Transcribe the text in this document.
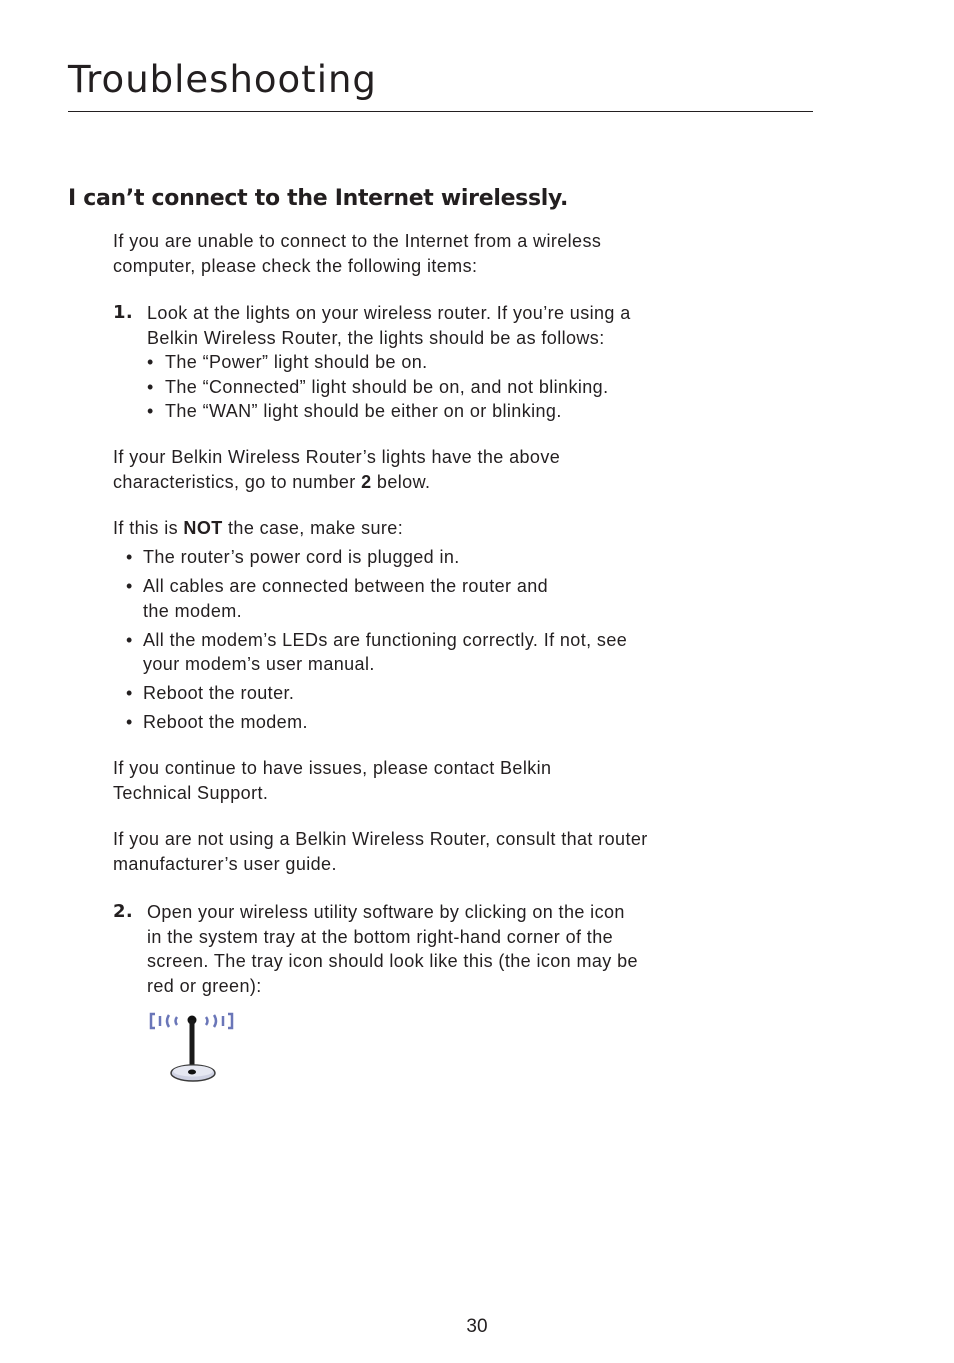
Troubleshooting
I can’t connect to the Internet wirelessly.

If you are unable to connect to the Internet from a wireless
computer, please check the following items:

1. Look at the lights on your wireless router. If you’re using a
Belkin Wireless Router, the lights should be as follows:
• The “Power” light should be on.
• The “Connected” light should be on, and not blinking.
• The “WAN” light should be either on or blinking.

If your Belkin Wireless Router’s lights have the above
characteristics, go to number 2 below.

If this is NOT the case, make sure:

• The router’s power cord is plugged in.
• All cables are connected between the router and
the modem.
• All the modem’s LEDs are functioning correctly. If not, see
your modem’s user manual.
• Reboot the router.
• Reboot the modem.

If you continue to have issues, please contact Belkin
Technical Support.

If you are not using a Belkin Wireless Router, consult that router
manufacturer’s user guide.

2. Open your wireless utility software by clicking on the icon
in the system tray at the bottom right-hand corner of the
screen. The tray icon should look like this (the icon may be
red or green):
30
